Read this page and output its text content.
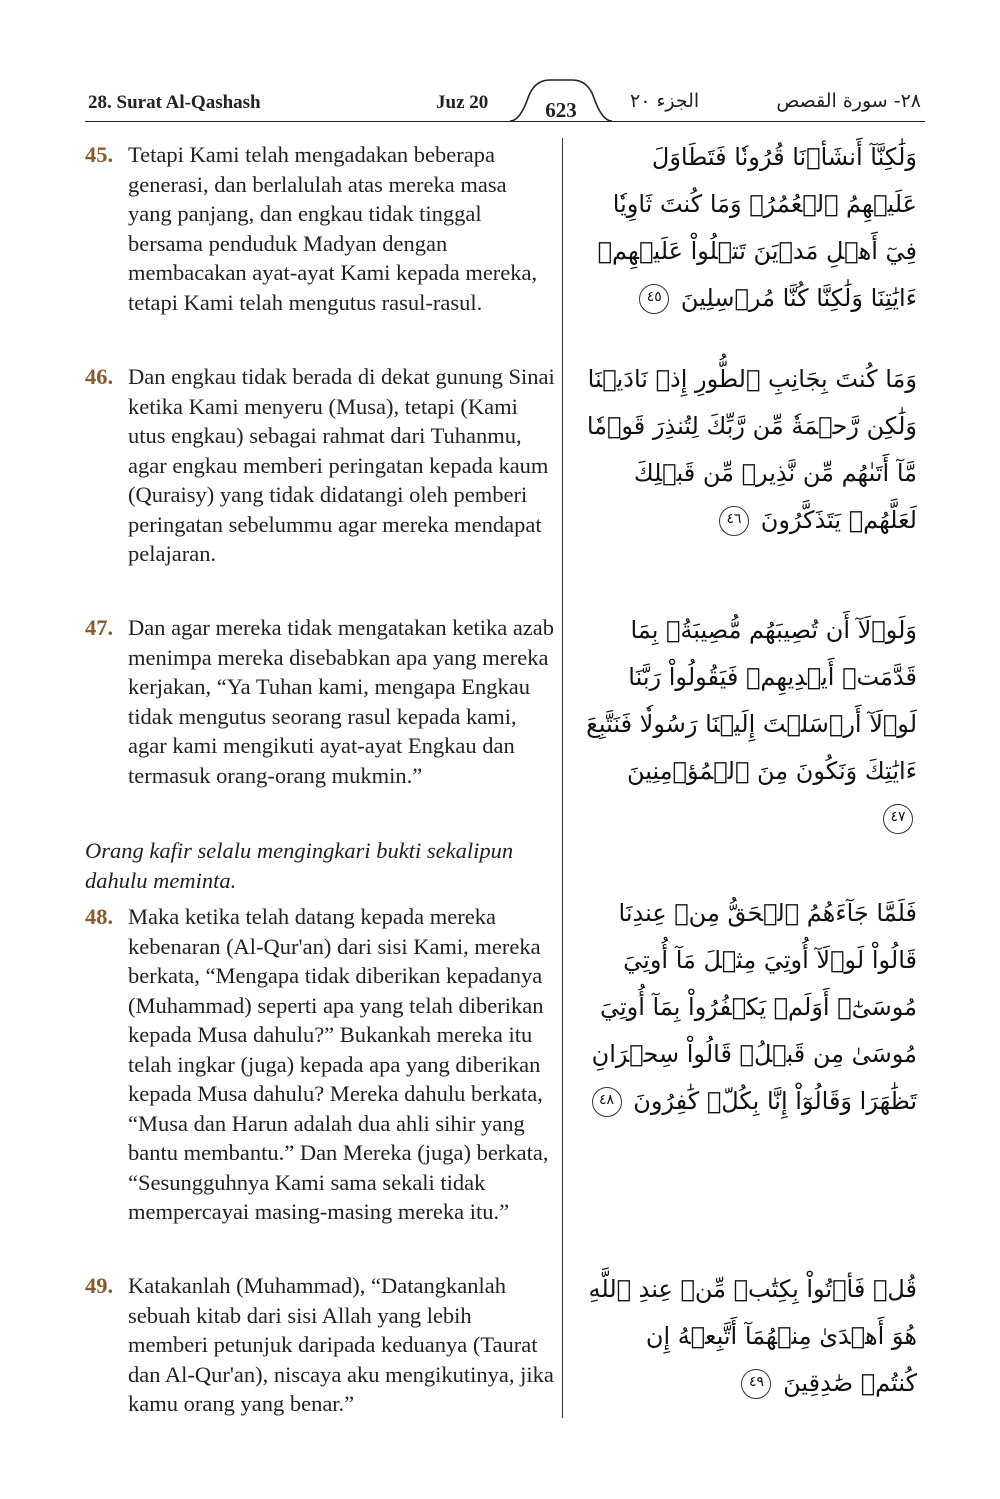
28. Surat Al-Qashash	Juz 20	623	الجزء ٢٠	٢٨- سورة القصص
45. Tetapi Kami telah mengadakan beberapa generasi, dan berlalulah atas mereka masa yang panjang, dan engkau tidak tinggal bersama penduduk Madyan dengan membacakan ayat-ayat Kami kepada mereka, tetapi Kami telah mengutus rasul-rasul.
وَلَٰكِنَّآ أَنشَأۡنَا قُرُونٗا فَتَطَاوَلَ عَلَيۡهِمُ ٱلۡعُمُرُۚ وَمَا كُنتَ ثَاوِيٗا فِيٓ أَهۡلِ مَدۡيَنَ تَتۡلُواْ عَلَيۡهِمۡ ءَايَٰتِنَا وَلَٰكِنَّا كُنَّا مُرۡسِلِينَ ٤٥
46. Dan engkau tidak berada di dekat gunung Sinai ketika Kami menyeru (Musa), tetapi (Kami utus engkau) sebagai rahmat dari Tuhanmu, agar engkau memberi peringatan kepada kaum (Quraisy) yang tidak didatangi oleh pemberi peringatan sebelummu agar mereka mendapat pelajaran.
وَمَا كُنتَ بِجَانِبِ ٱلطُّورِ إِذۡ نَادَيۡنَا وَلَٰكِن رَّحۡمَةٗ مِّن رَّبِّكَ لِتُنذِرَ قَوۡمٗا مَّآ أَتَىٰهُم مِّن نَّذِيرٖ مِّن قَبۡلِكَ لَعَلَّهُمۡ يَتَذَكَّرُونَ ٤٦
47. Dan agar mereka tidak mengatakan ketika azab menimpa mereka disebabkan apa yang mereka kerjakan, “Ya Tuhan kami, mengapa Engkau tidak mengutus seorang rasul kepada kami, agar kami mengikuti ayat-ayat Engkau dan termasuk orang-orang mukmin.”
وَلَوۡلَآ أَن تُصِيبَهُم مُّصِيبَةُۢ بِمَا قَدَّمَتۡ أَيۡدِيهِمۡ فَيَقُولُواْ رَبَّنَا لَوۡلَآ أَرۡسَلۡتَ إِلَيۡنَا رَسُولٗا فَنَتَّبِعَ ءَايَٰتِكَ وَنَكُونَ مِنَ ٱلۡمُؤۡمِنِينَ ٤٧
Orang kafir selalu mengingkari bukti sekalipun dahulu meminta.
48. Maka ketika telah datang kepada mereka kebenaran (Al-Qur'an) dari sisi Kami, mereka berkata, “Mengapa tidak diberikan kepadanya (Muhammad) seperti apa yang telah diberikan kepada Musa dahulu?” Bukankah mereka itu telah ingkar (juga) kepada apa yang diberikan kepada Musa dahulu? Mereka dahulu berkata, “Musa dan Harun adalah dua ahli sihir yang bantu membantu.” Dan Mereka (juga) berkata, “Sesungguhnya Kami sama sekali tidak mempercayai masing-masing mereka itu.”
فَلَمَّا جَآءَهُمُ ٱلۡحَقُّ مِنۡ عِندِنَا قَالُواْ لَوۡلَآ أُوتِيَ مِثۡلَ مَآ أُوتِيَ مُوسَىٰٓۚ أَوَلَمۡ يَكۡفُرُواْ بِمَآ أُوتِيَ مُوسَىٰ مِن قَبۡلُۖ قَالُواْ سِحۡرَانِ تَظَٰهَرَا وَقَالُوٓاْ إِنَّا بِكُلّٖ كَٰفِرُونَ ٤٨
49. Katakanlah (Muhammad), “Datangkanlah sebuah kitab dari sisi Allah yang lebih memberi petunjuk daripada keduanya (Taurat dan Al-Qur'an), niscaya aku mengikutinya, jika kamu orang yang benar.”
قُلۡ فَأۡتُواْ بِكِتَٰبٖ مِّنۡ عِندِ ٱللَّهِ هُوَ أَهۡدَىٰ مِنۡهُمَآ أَتَّبِعۡهُ إِن كُنتُمۡ صَٰدِقِينَ ٤٩
